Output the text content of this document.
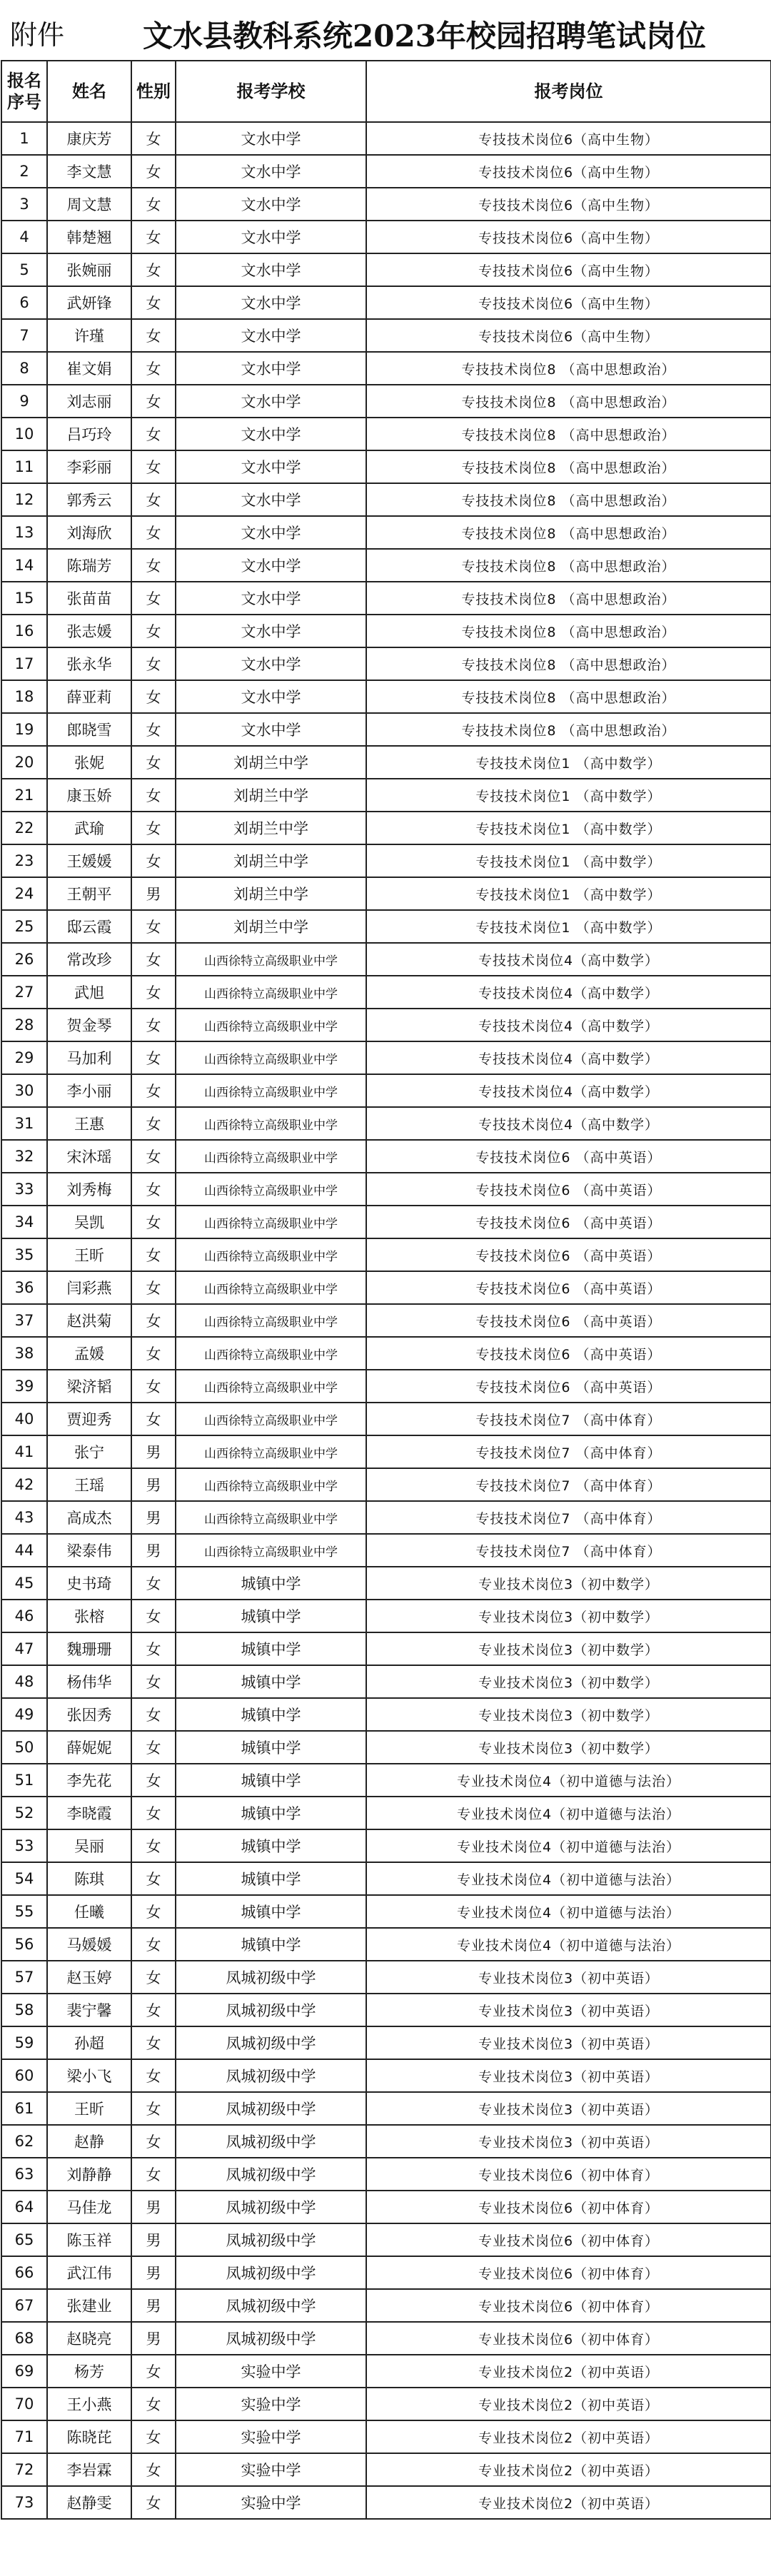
附件	文水县教科系统2023年校园招聘笔试岗位
报名
序号	姓名	性别	报考学校	报考岗位
1	康庆芳	女	文水中学	专技技术岗位6（高中生物）
2	李文慧	女	文水中学	专技技术岗位6（高中生物）
3	周文慧	女	文水中学	专技技术岗位6（高中生物）
4	韩楚翘	女	文水中学	专技技术岗位6（高中生物）
5	张婉丽	女	文水中学	专技技术岗位6（高中生物）
6	武妍锋	女	文水中学	专技技术岗位6（高中生物）
7	许瑾	女	文水中学	专技技术岗位6（高中生物）
8	崔文娟	女	文水中学	专技技术岗位8 （高中思想政治）
9	刘志丽	女	文水中学	专技技术岗位8 （高中思想政治）
10	吕巧玲	女	文水中学	专技技术岗位8 （高中思想政治）
11	李彩丽	女	文水中学	专技技术岗位8 （高中思想政治）
12	郭秀云	女	文水中学	专技技术岗位8 （高中思想政治）
13	刘海欣	女	文水中学	专技技术岗位8 （高中思想政治）
14	陈瑞芳	女	文水中学	专技技术岗位8 （高中思想政治）
15	张苗苗	女	文水中学	专技技术岗位8 （高中思想政治）
16	张志媛	女	文水中学	专技技术岗位8 （高中思想政治）
17	张永华	女	文水中学	专技技术岗位8 （高中思想政治）
18	薛亚莉	女	文水中学	专技技术岗位8 （高中思想政治）
19	郎晓雪	女	文水中学	专技技术岗位8 （高中思想政治）
20	张妮	女	刘胡兰中学	专技技术岗位1 （高中数学）
21	康玉娇	女	刘胡兰中学	专技技术岗位1 （高中数学）
22	武瑜	女	刘胡兰中学	专技技术岗位1 （高中数学）
23	王媛媛	女	刘胡兰中学	专技技术岗位1 （高中数学）
24	王朝平	男	刘胡兰中学	专技技术岗位1 （高中数学）
25	邸云霞	女	刘胡兰中学	专技技术岗位1 （高中数学）
26	常改珍	女	山西徐特立高级职业中学	专技技术岗位4（高中数学）
27	武旭	女	山西徐特立高级职业中学	专技技术岗位4（高中数学）
28	贺金琴	女	山西徐特立高级职业中学	专技技术岗位4（高中数学）
29	马加利	女	山西徐特立高级职业中学	专技技术岗位4（高中数学）
30	李小丽	女	山西徐特立高级职业中学	专技技术岗位4（高中数学）
31	王惠	女	山西徐特立高级职业中学	专技技术岗位4（高中数学）
32	宋沐瑶	女	山西徐特立高级职业中学	专技技术岗位6 （高中英语）
33	刘秀梅	女	山西徐特立高级职业中学	专技技术岗位6 （高中英语）
34	吴凯	女	山西徐特立高级职业中学	专技技术岗位6 （高中英语）
35	王昕	女	山西徐特立高级职业中学	专技技术岗位6 （高中英语）
36	闫彩燕	女	山西徐特立高级职业中学	专技技术岗位6 （高中英语）
37	赵洪菊	女	山西徐特立高级职业中学	专技技术岗位6 （高中英语）
38	孟媛	女	山西徐特立高级职业中学	专技技术岗位6 （高中英语）
39	梁济韬	女	山西徐特立高级职业中学	专技技术岗位6 （高中英语）
40	贾迎秀	女	山西徐特立高级职业中学	专技技术岗位7 （高中体育）
41	张宁	男	山西徐特立高级职业中学	专技技术岗位7 （高中体育）
42	王瑶	男	山西徐特立高级职业中学	专技技术岗位7 （高中体育）
43	高成杰	男	山西徐特立高级职业中学	专技技术岗位7 （高中体育）
44	梁泰伟	男	山西徐特立高级职业中学	专技技术岗位7 （高中体育）
45	史书琦	女	城镇中学	专业技术岗位3（初中数学）
46	张榕	女	城镇中学	专业技术岗位3（初中数学）
47	魏珊珊	女	城镇中学	专业技术岗位3（初中数学）
48	杨伟华	女	城镇中学	专业技术岗位3（初中数学）
49	张因秀	女	城镇中学	专业技术岗位3（初中数学）
50	薛妮妮	女	城镇中学	专业技术岗位3（初中数学）
51	李先花	女	城镇中学	专业技术岗位4（初中道德与法治）
52	李晓霞	女	城镇中学	专业技术岗位4（初中道德与法治）
53	吴丽	女	城镇中学	专业技术岗位4（初中道德与法治）
54	陈琪	女	城镇中学	专业技术岗位4（初中道德与法治）
55	任曦	女	城镇中学	专业技术岗位4（初中道德与法治）
56	马媛媛	女	城镇中学	专业技术岗位4（初中道德与法治）
57	赵玉婷	女	凤城初级中学	专业技术岗位3（初中英语）
58	裴宁馨	女	凤城初级中学	专业技术岗位3（初中英语）
59	孙超	女	凤城初级中学	专业技术岗位3（初中英语）
60	梁小飞	女	凤城初级中学	专业技术岗位3（初中英语）
61	王昕	女	凤城初级中学	专业技术岗位3（初中英语）
62	赵静	女	凤城初级中学	专业技术岗位3（初中英语）
63	刘静静	女	凤城初级中学	专业技术岗位6（初中体育）
64	马佳龙	男	凤城初级中学	专业技术岗位6（初中体育）
65	陈玉祥	男	凤城初级中学	专业技术岗位6（初中体育）
66	武江伟	男	凤城初级中学	专业技术岗位6（初中体育）
67	张建业	男	凤城初级中学	专业技术岗位6（初中体育）
68	赵晓亮	男	凤城初级中学	专业技术岗位6（初中体育）
69	杨芳	女	实验中学	专业技术岗位2（初中英语）
70	王小燕	女	实验中学	专业技术岗位2（初中英语）
71	陈晓芘	女	实验中学	专业技术岗位2（初中英语）
72	李岩霖	女	实验中学	专业技术岗位2（初中英语）
73	赵静雯	女	实验中学	专业技术岗位2（初中英语）
